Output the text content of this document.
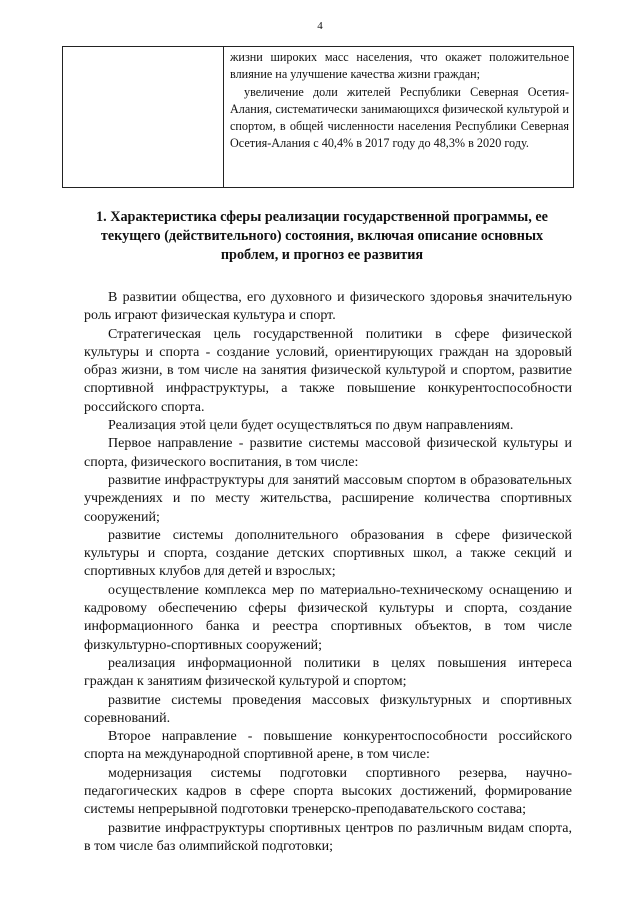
4

жизни широких масс населения, что окажет положительное влияние на улучшение качества жизни граждан;

увеличение доли жителей Республики Северная Осетия-Алания, систематически занимающихся физической культурой и спортом, в общей численности населения Республики Северная Осетия-Алания с 40,4% в 2017 году до 48,3% в 2020 году.

1. Характеристика сферы реализации государственной программы, ее
текущего (действительного) состояния, включая описание основных
проблем, и прогноз ее развития

В развитии общества, его духовного и физического здоровья значительную роль играют физическая культура и спорт.

Стратегическая цель государственной политики в сфере физической культуры и спорта - создание условий, ориентирующих граждан на здоровый образ жизни, в том числе на занятия физической культурой и спортом, развитие спортивной инфраструктуры, а также повышение конкурентоспособности российского спорта.

Реализация этой цели будет осуществляться по двум направлениям.

Первое направление - развитие системы массовой физической культуры и спорта, физического воспитания, в том числе:

развитие инфраструктуры для занятий массовым спортом в образовательных учреждениях и по месту жительства, расширение количества спортивных сооружений;

развитие системы дополнительного образования в сфере физической культуры и спорта, создание детских спортивных школ, а также секций и спортивных клубов для детей и взрослых;

осуществление комплекса мер по материально-техническому оснащению и кадровому обеспечению сферы физической культуры и спорта, создание информационного банка и реестра спортивных объектов, в том числе физкультурно-спортивных сооружений;

реализация информационной политики в целях повышения интереса граждан к занятиям физической культурой и спортом;

развитие системы проведения массовых физкультурных и спортивных соревнований.

Второе направление - повышение конкурентоспособности российского спорта на международной спортивной арене, в том числе:

модернизация системы подготовки спортивного резерва, научно-педагогических кадров в сфере спорта высоких достижений, формирование системы непрерывной подготовки тренерско-преподавательского состава;

развитие инфраструктуры спортивных центров по различным видам спорта, в том числе баз олимпийской подготовки;
